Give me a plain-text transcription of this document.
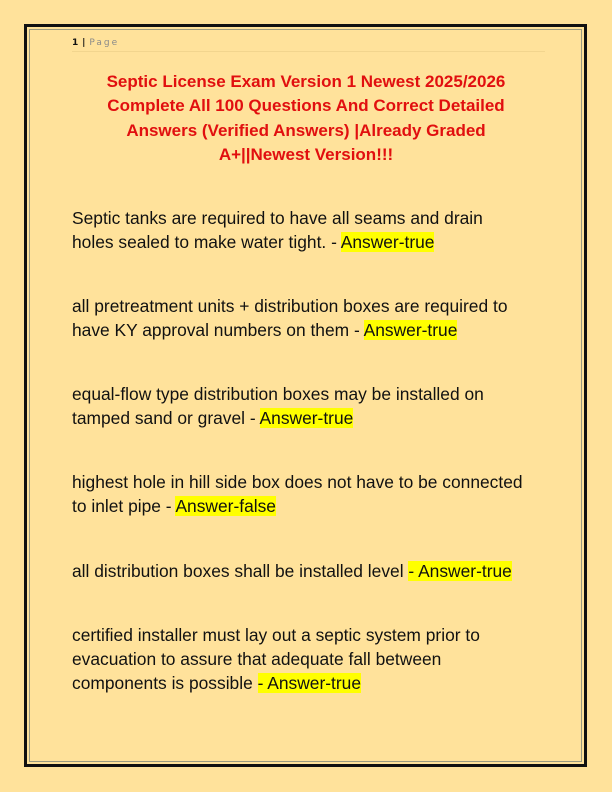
1 | Page
Septic License Exam Version 1 Newest 2025/2026
Complete All 100 Questions And Correct Detailed
Answers (Verified Answers) |Already Graded
A+||Newest Version!!!
Septic tanks are required to have all seams and drain
holes sealed to make water tight. - Answer-true
all pretreatment units + distribution boxes are required to
have KY approval numbers on them - Answer-true
equal-flow type distribution boxes may be installed on
tamped sand or gravel - Answer-true
highest hole in hill side box does not have to be connected
to inlet pipe - Answer-false
all distribution boxes shall be installed level - Answer-true
certified installer must lay out a septic system prior to
evacuation to assure that adequate fall between
components is possible - Answer-true
